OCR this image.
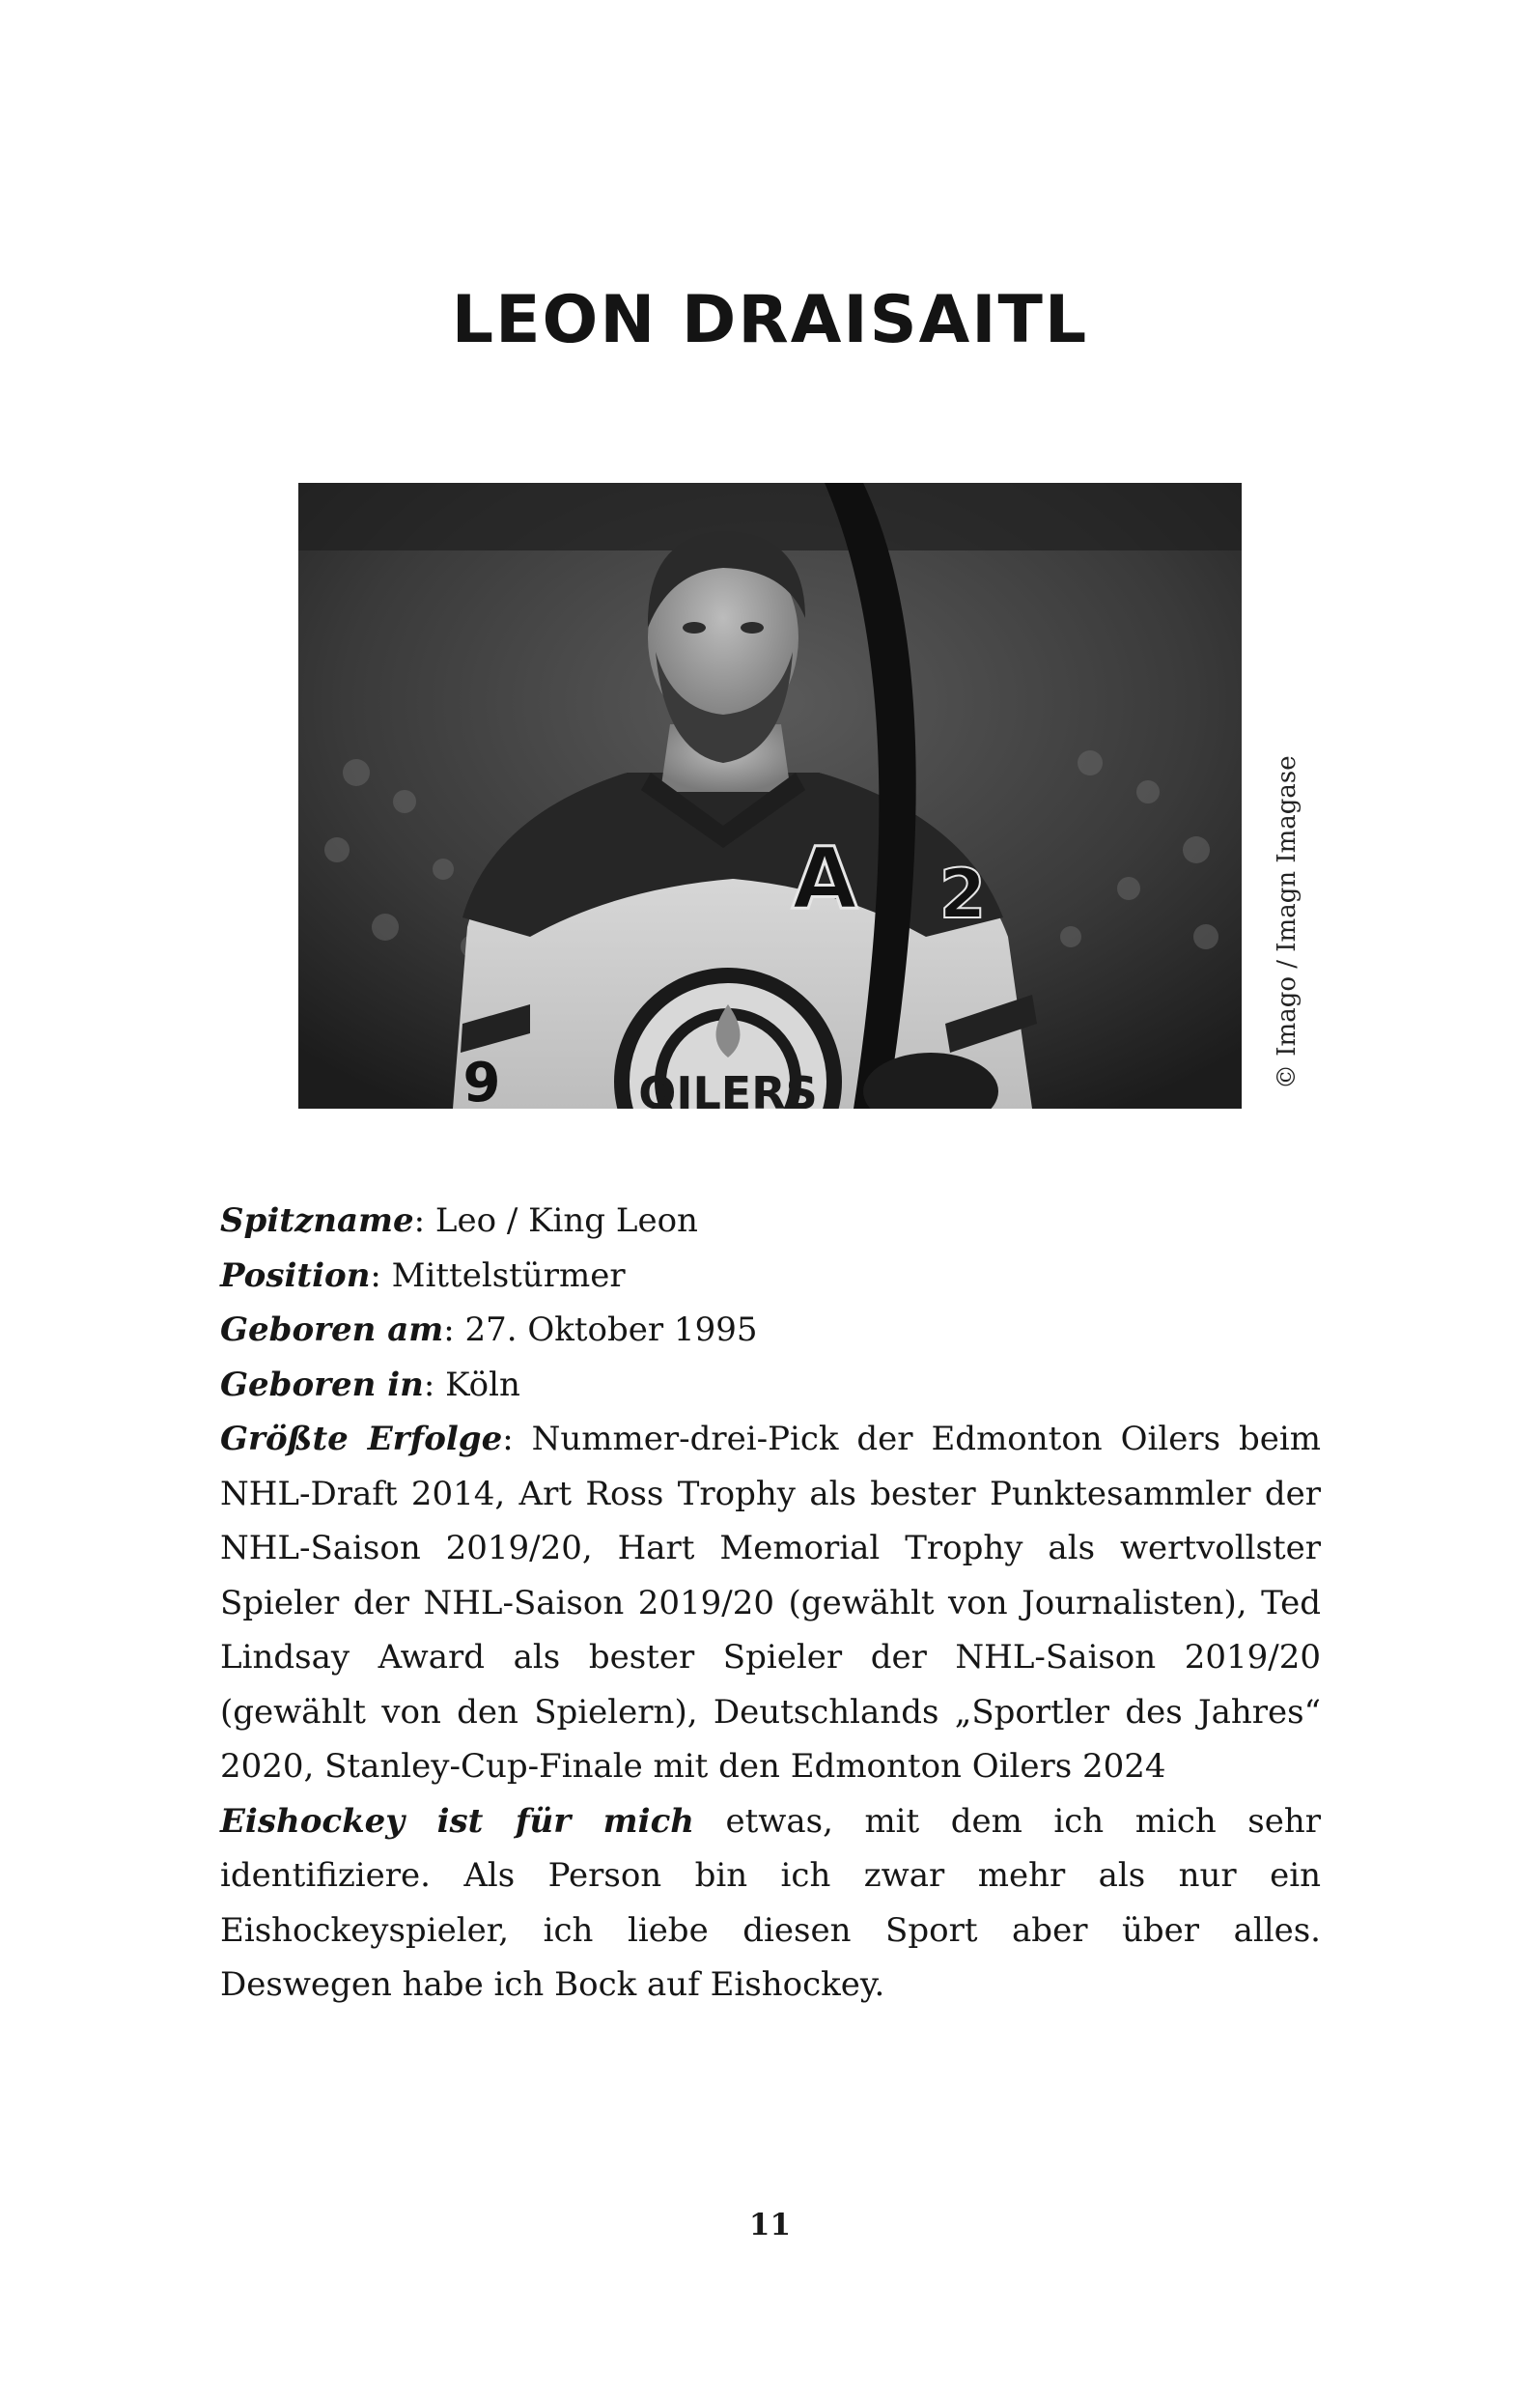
LEON DRAISAITL
OILERS
A 2
9	© Imago / Imagn Imagase

Spitzname: Leo / King Leon

Position: Mittelstürmer

Geboren am: 27. Oktober 1995

Geboren in: Köln

Größte Erfolge: Nummer-drei-Pick der Edmonton Oilers beim NHL-Draft 2014, Art Ross Trophy als bester Punktesammler der NHL-Saison 2019/20, Hart Memorial Trophy als wertvollster Spieler der NHL-Saison 2019/20 (gewählt von Journalisten), Ted Lindsay Award als bester Spieler der NHL-Saison 2019/20 (gewählt von den Spielern), Deutschlands „Sportler des Jahres“ 2020, Stanley-Cup-Finale mit den Edmonton Oilers 2024

Eishockey ist für mich etwas, mit dem ich mich sehr identifiziere. Als Person bin ich zwar mehr als nur ein Eishockeyspieler, ich liebe diesen Sport aber über alles. Deswegen habe ich Bock auf Eishockey.

11
